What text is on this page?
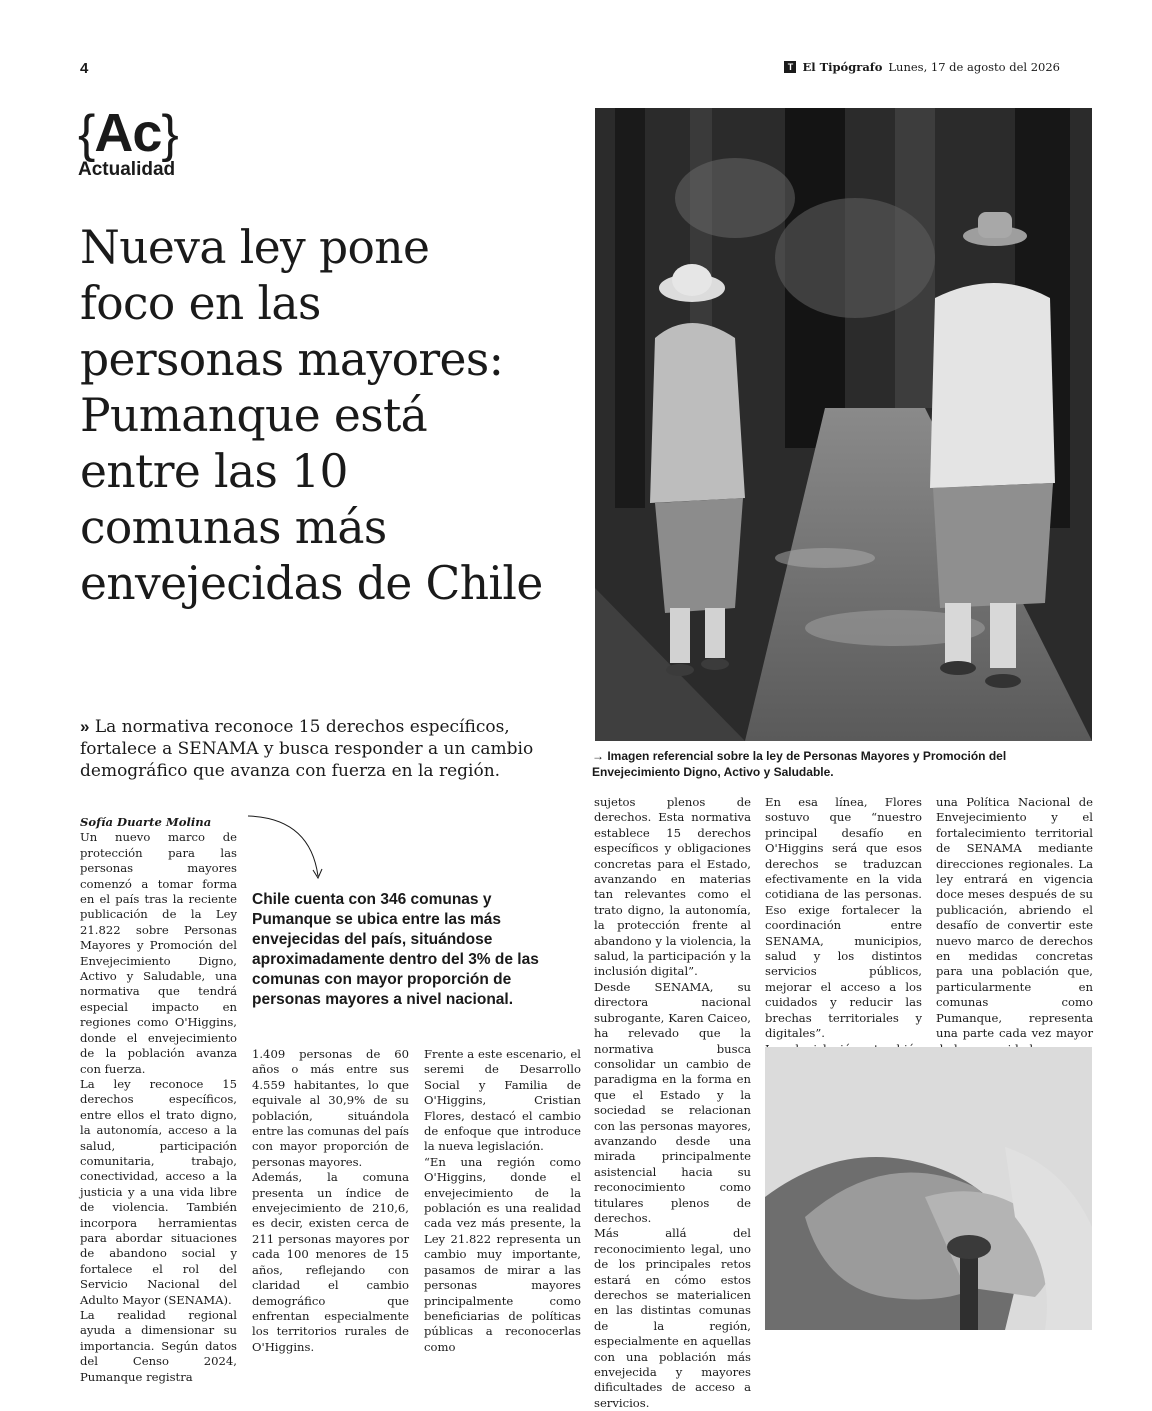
4	T El Tipógrafo Lunes, 17 de agosto del 2026
{Ac}
Actualidad
Nueva ley pone
foco en las
personas mayores:
Pumanque está
entre las 10
comunas más
envejecidas de Chile
→ Imagen referencial sobre la ley de Personas Mayores y Promoción del Envejecimiento Digno, Activo y Saludable.
» La normativa reconoce 15 derechos específicos, fortalece a SENAMA y busca responder a un cambio demográfico que avanza con fuerza en la región.

Sofía Duarte Molina

Un nuevo marco de protección para las personas mayores comenzó a tomar forma en el país tras la reciente publicación de la Ley 21.822 sobre Personas Mayores y Promoción del Envejecimiento Digno, Activo y Saludable, una normativa que tendrá especial impacto en regiones como O'Higgins, donde el envejecimiento de la población avanza con fuerza.

La ley reconoce 15 derechos específicos, entre ellos el trato digno, la autonomía, acceso a la salud, participación comunitaria, trabajo, conectividad, acceso a la justicia y a una vida libre de violencia. También incorpora herramientas para abordar situaciones de abandono social y fortalece el rol del Servicio Nacional del Adulto Mayor (SENAMA).

La realidad regional ayuda a dimensionar su importancia. Según datos del Censo 2024, Pumanque registra

Chile cuenta con 346 comunas y Pumanque se ubica entre las más envejecidas del país, situándose aproximadamente dentro del 3% de las comunas con mayor proporción de personas mayores a nivel nacional.

1.409 personas de 60 años o más entre sus 4.559 habitantes, lo que equivale al 30,9% de su población, situándola entre las comunas del país con mayor proporción de personas mayores.

Además, la comuna presenta un índice de envejecimiento de 210,6, es decir, existen cerca de 211 personas mayores por cada 100 menores de 15 años, reflejando con claridad el cambio demográfico que enfrentan especialmente los territorios rurales de O'Higgins.

Frente a este escenario, el seremi de Desarrollo Social y Familia de O'Higgins, Cristian Flores, destacó el cambio de enfoque que introduce la nueva legislación.

“En una región como O'Higgins, donde el envejecimiento de la población es una realidad cada vez más presente, la Ley 21.822 representa un cambio muy importante, pasamos de mirar a las personas mayores principalmente como beneficiarias de políticas públicas a reconocerlas como

sujetos plenos de derechos. Esta normativa establece 15 derechos específicos y obligaciones concretas para el Estado, avanzando en materias tan relevantes como el trato digno, la autonomía, la protección frente al abandono y la violencia, la salud, la participación y la inclusión digital”.

Desde SENAMA, su directora nacional subrogante, Karen Caiceo, ha relevado que la normativa busca consolidar un cambio de paradigma en la forma en que el Estado y la sociedad se relacionan con las personas mayores, avanzando desde una mirada principalmente asistencial hacia su reconocimiento como titulares plenos de derechos.

Más allá del reconocimiento legal, uno de los principales retos estará en cómo estos derechos se materialicen en las distintas comunas de la región, especialmente en aquellas con una población más envejecida y mayores dificultades de acceso a servicios.

En esa línea, Flores sostuvo que “nuestro principal desafío en O'Higgins será que esos derechos se traduzcan efectivamente en la vida cotidiana de las personas. Eso exige fortalecer la coordinación entre SENAMA, municipios, salud y los distintos servicios públicos, mejorar el acceso a los cuidados y reducir las brechas territoriales y digitales”.

una Política Nacional de Envejecimiento y el fortalecimiento territorial de SENAMA mediante direcciones regionales. La ley entrará en vigencia doce meses después de su publicación, abriendo el desafío de convertir este nuevo marco de derechos en medidas concretas para una población que, particularmente en comunas como Pumanque, representa una parte cada vez mayor
